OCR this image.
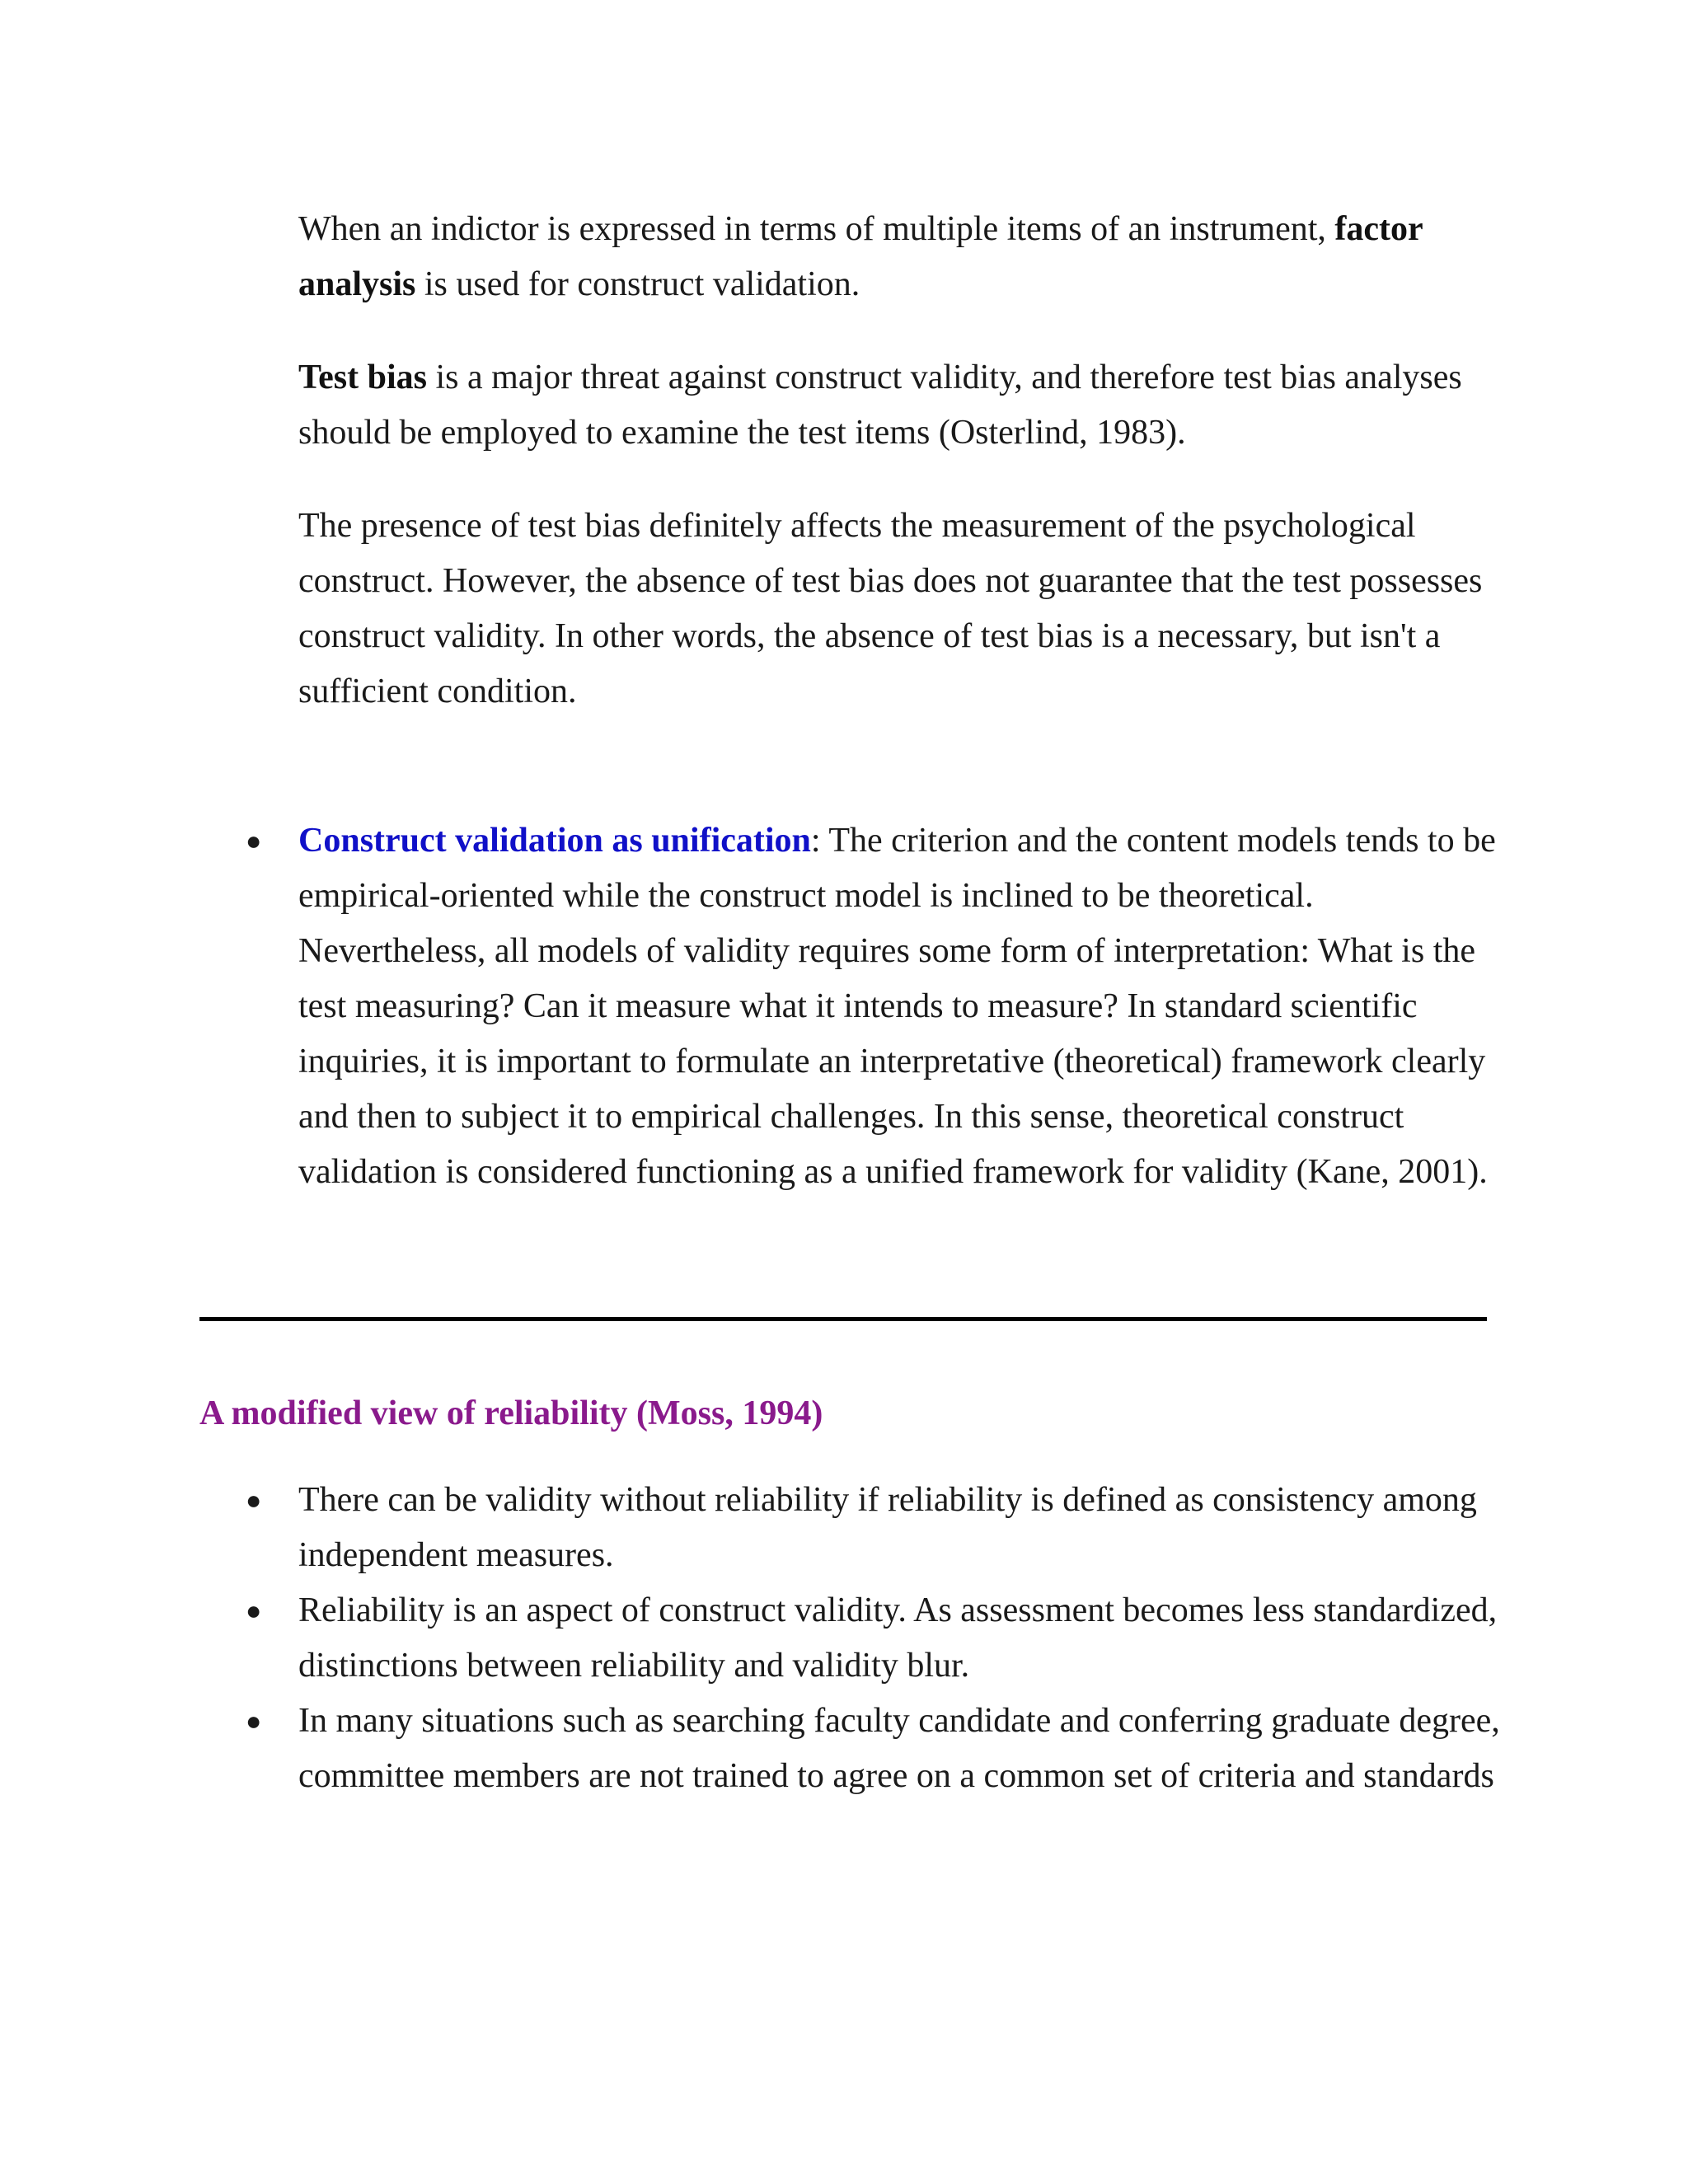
When an indictor is expressed in terms of multiple items of an instrument, factor analysis is used for construct validation.

Test bias is a major threat against construct validity, and therefore test bias analyses should be employed to examine the test items (Osterlind, 1983).

The presence of test bias definitely affects the measurement of the psychological construct. However, the absence of test bias does not guarantee that the test possesses construct validity. In other words, the absence of test bias is a necessary, but isn't a sufficient condition.

● Construct validation as unification: The criterion and the content models tends to be empirical-oriented while the construct model is inclined to be theoretical. Nevertheless, all models of validity requires some form of interpretation: What is the test measuring? Can it measure what it intends to measure? In standard scientific inquiries, it is important to formulate an interpretative (theoretical) framework clearly and then to subject it to empirical challenges. In this sense, theoretical construct validation is considered functioning as a unified framework for validity (Kane, 2001).
A modified view of reliability (Moss, 1994)
● There can be validity without reliability if reliability is defined as consistency among independent measures.
● Reliability is an aspect of construct validity. As assessment becomes less standardized, distinctions between reliability and validity blur.
● In many situations such as searching faculty candidate and conferring graduate degree, committee members are not trained to agree on a common set of criteria and standards
